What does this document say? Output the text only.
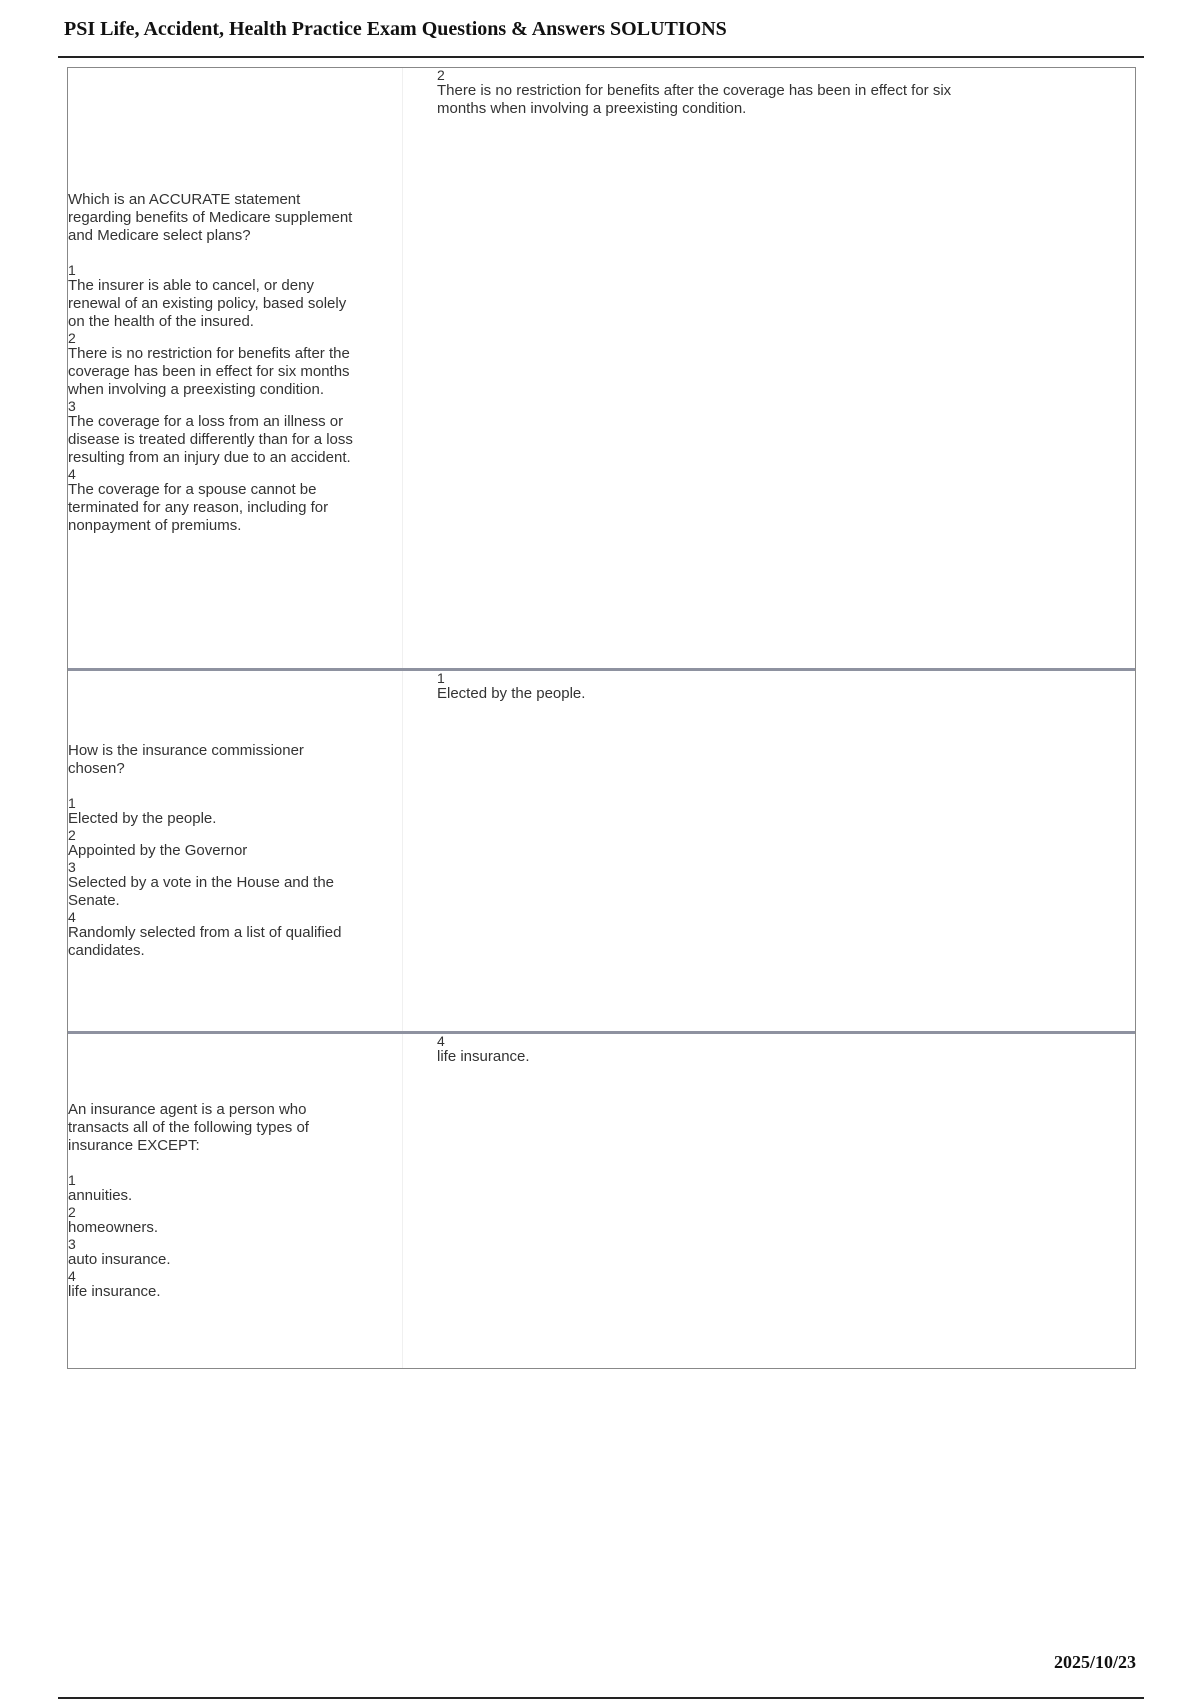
PSI Life, Accident, Health Practice Exam Questions & Answers SOLUTIONS
Which is an ACCURATE statement
regarding benefits of Medicare supplement
and Medicare select plans?
1
The insurer is able to cancel, or deny
renewal of an existing policy, based solely
on the health of the insured.
2
There is no restriction for benefits after the
coverage has been in effect for six months
when involving a preexisting condition.
3
The coverage for a loss from an illness or
disease is treated differently than for a loss
resulting from an injury due to an accident.
4
The coverage for a spouse cannot be
terminated for any reason, including for
nonpayment of premiums.
2
There is no restriction for benefits after the coverage has been in effect for six
months when involving a preexisting condition.
How is the insurance commissioner
chosen?
1
Elected by the people.
2
Appointed by the Governor
3
Selected by a vote in the House and the
Senate.
4
Randomly selected from a list of qualified
candidates.
1
Elected by the people.
An insurance agent is a person who
transacts all of the following types of
insurance EXCEPT:
1
annuities.
2
homeowners.
3
auto insurance.
4
life insurance.
4
life insurance.
2025/10/23
